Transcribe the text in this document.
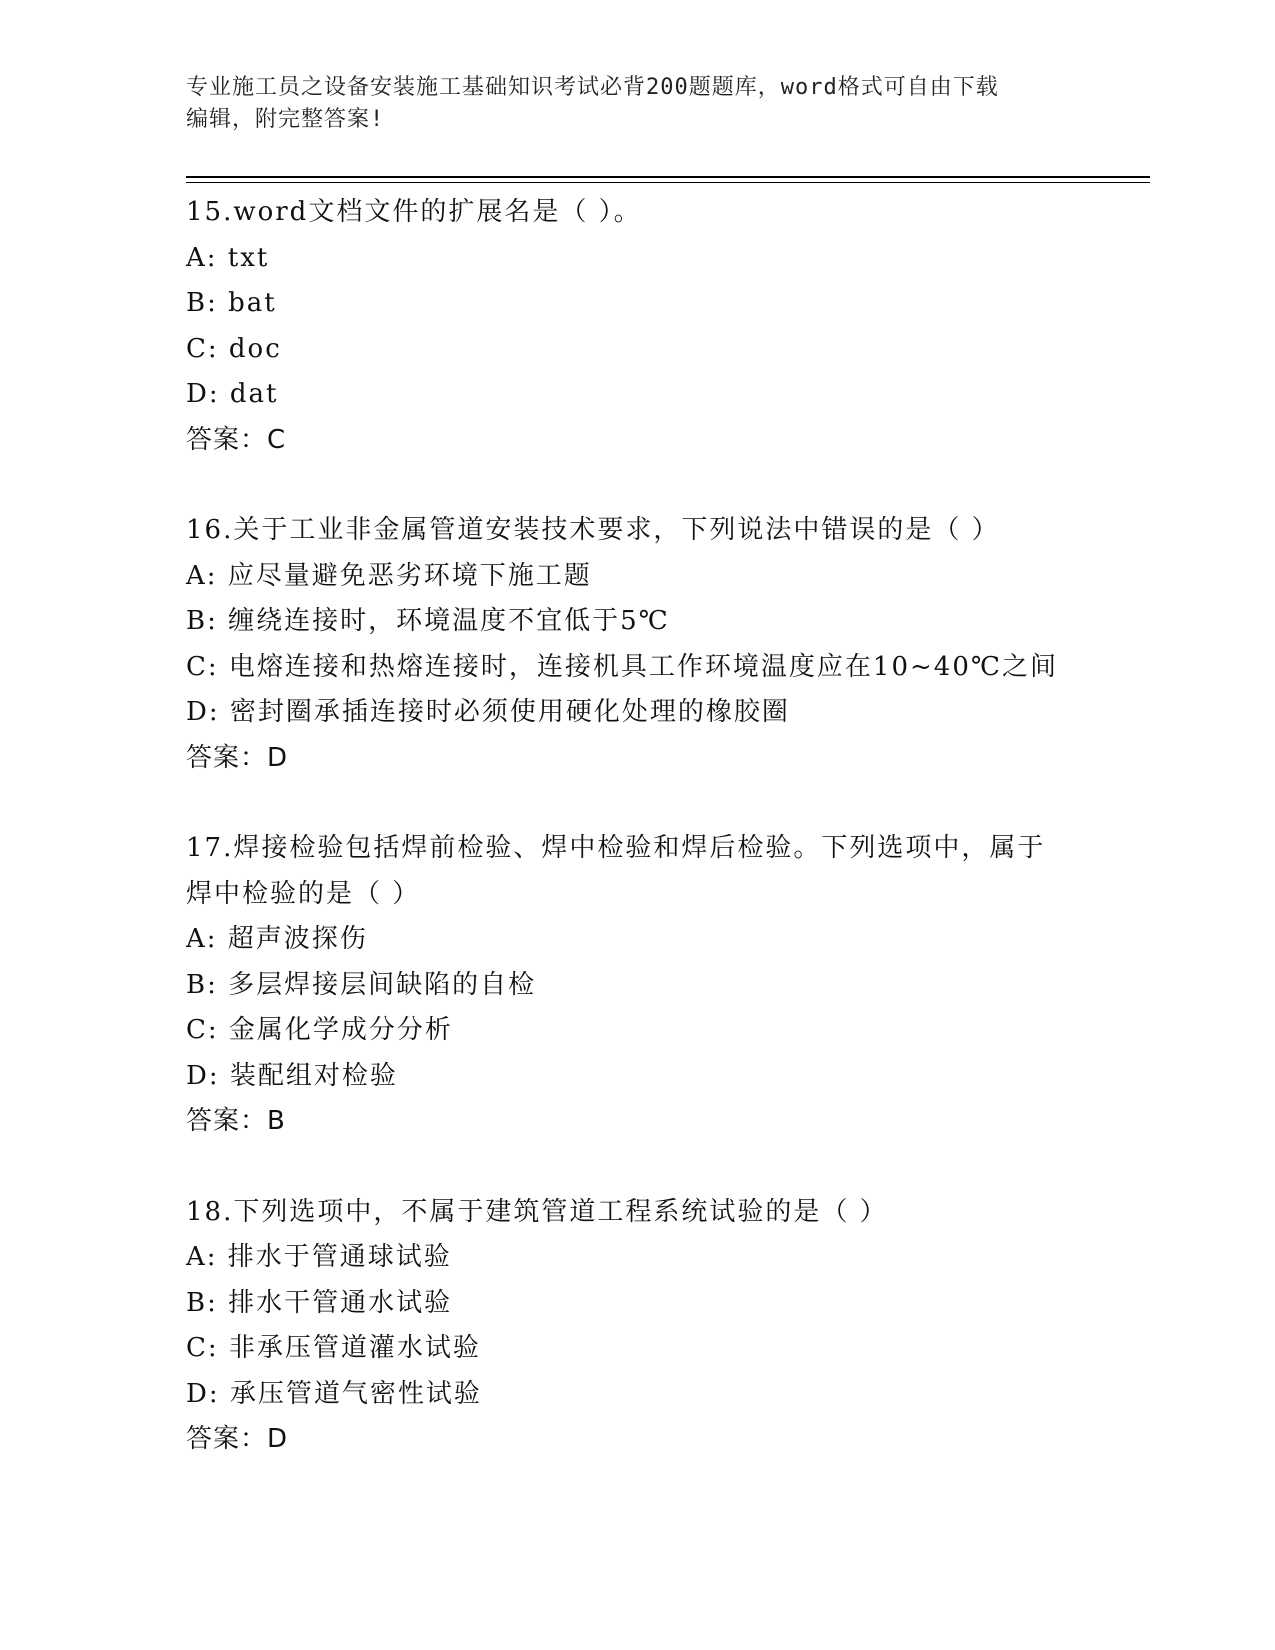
专业施工员之设备安装施工基础知识考试必背200题题库，word格式可自由下载
编辑，附完整答案!
15.word文档文件的扩展名是（ ）。
A: txt
B: bat
C: doc
D: dat
答案：C
16.关于工业非金属管道安装技术要求，下列说法中错误的是（ ）
A: 应尽量避免恶劣环境下施工题
B: 缠绕连接时，环境温度不宜低于5℃
C: 电熔连接和热熔连接时，连接机具工作环境温度应在10~40℃之间
D: 密封圈承插连接时必须使用硬化处理的橡胶圈
答案：D
17.焊接检验包括焊前检验、焊中检验和焊后检验。下列选项中，属于
焊中检验的是（ ）
A: 超声波探伤
B: 多层焊接层间缺陷的自检
C: 金属化学成分分析
D: 装配组对检验
答案：B
18.下列选项中，不属于建筑管道工程系统试验的是（ ）
A: 排水于管通球试验
B: 排水干管通水试验
C: 非承压管道灌水试验
D: 承压管道气密性试验
答案：D
